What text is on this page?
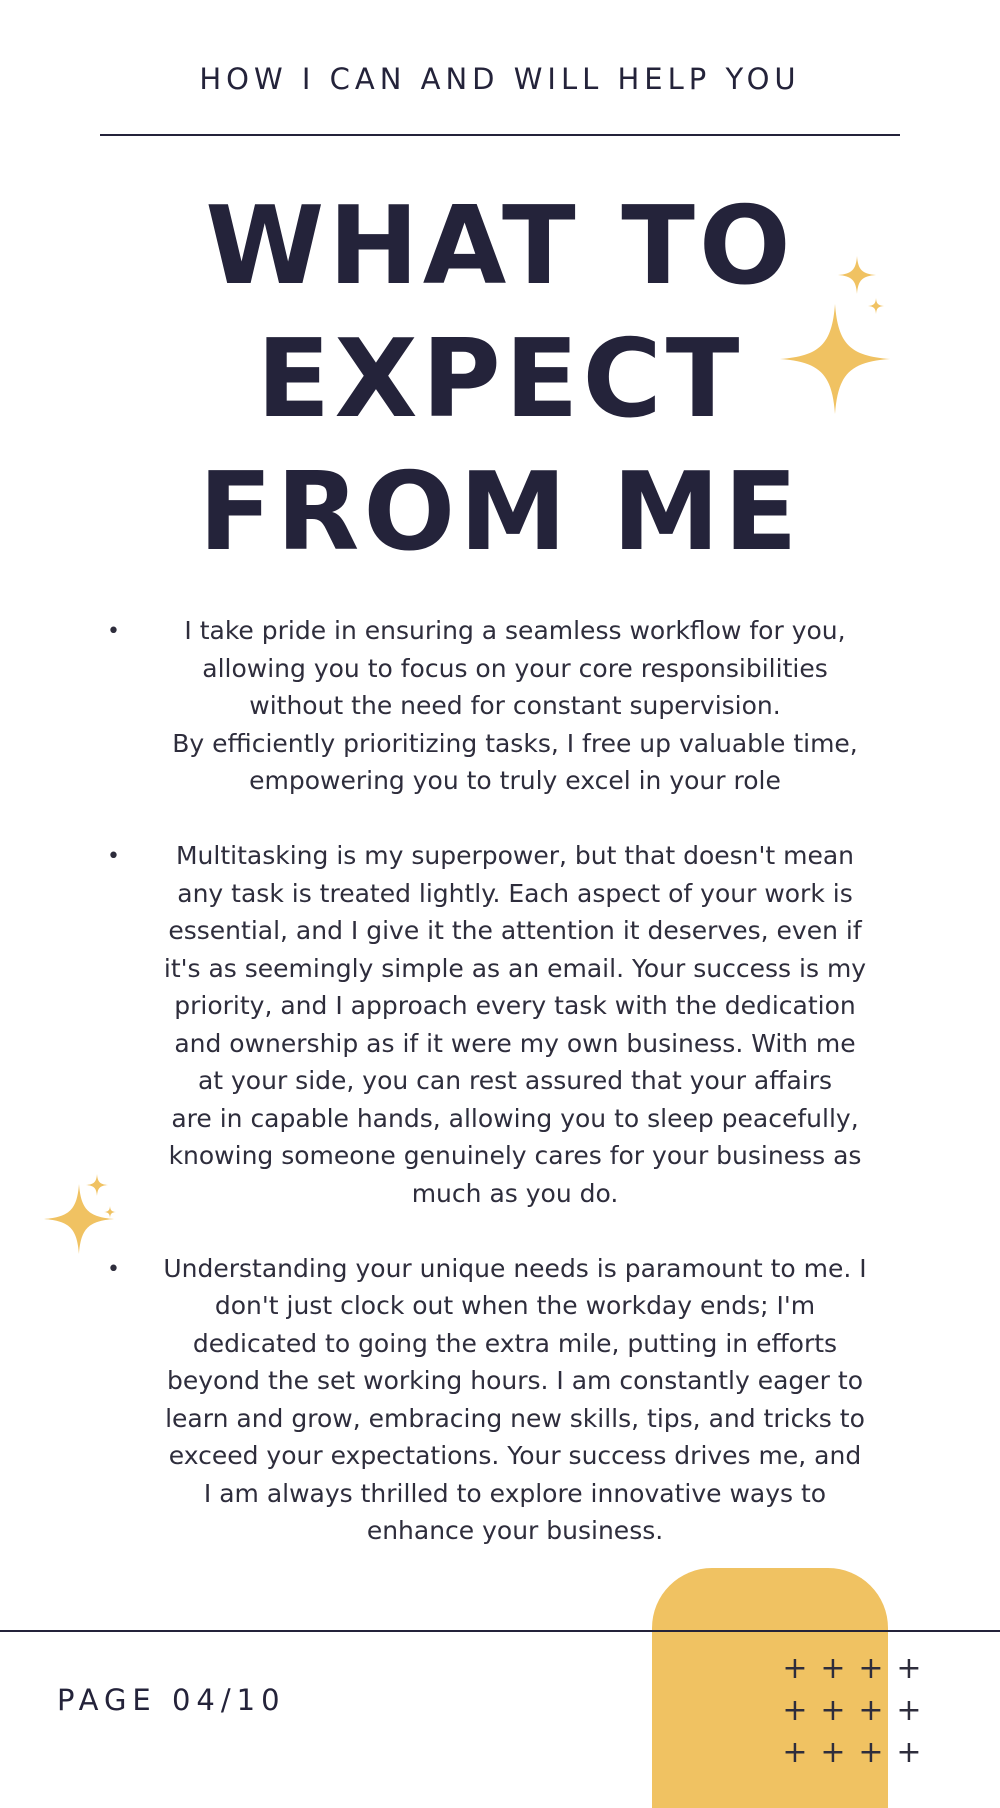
HOW I CAN AND WILL HELP YOU
WHAT TO
EXPECT
FROM ME
•	I take pride in ensuring a seamless workflow for you,
allowing you to focus on your core responsibilities
without the need for constant supervision.
By efficiently prioritizing tasks, I free up valuable time,
empowering you to truly excel in your role
•	Multitasking is my superpower, but that doesn't mean
any task is treated lightly. Each aspect of your work is
essential, and I give it the attention it deserves, even if
it's as seemingly simple as an email. Your success is my
priority, and I approach every task with the dedication
and ownership as if it were my own business. With me
at your side, you can rest assured that your affairs
are in capable hands, allowing you to sleep peacefully,
knowing someone genuinely cares for your business as
much as you do.
•	Understanding your unique needs is paramount to me. I
don't just clock out when the workday ends; I'm
dedicated to going the extra mile, putting in efforts
beyond the set working hours. I am constantly eager to
learn and grow, embracing new skills, tips, and tricks to
exceed your expectations. Your success drives me, and
I am always thrilled to explore innovative ways to
enhance your business.
PAGE 04/10
+ + + +
+ + + +
+ + + +
